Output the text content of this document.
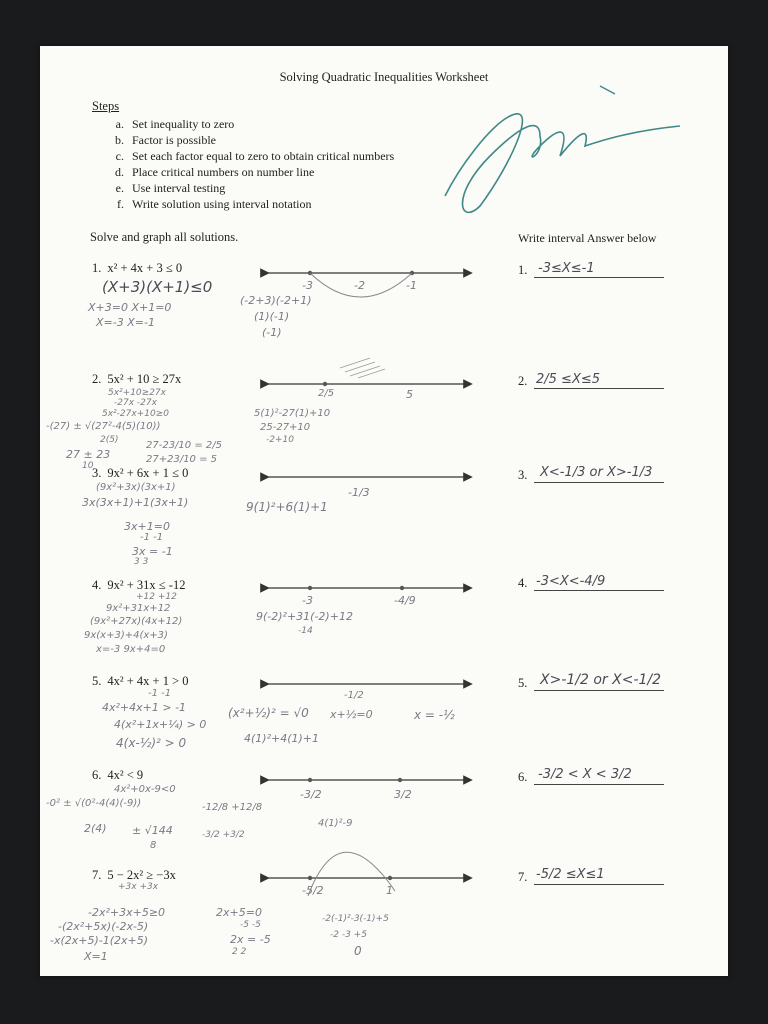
Solving Quadratic Inequalities Worksheet
Steps
a. Set inequality to zero
b. Factor is possible
c. Set each factor equal to zero to obtain critical numbers
d. Place critical numbers on number line
e. Use interval testing
f. Write solution using interval notation
Solve and graph all solutions.	Write interval Answer below
1. x² + 4x + 3 ≤ 0
(X+3)(X+1)≤0
X+3=0 X+1=0
X=-3 X=-1
(-2+3)(-2+1)
(1)(-1)
(-1)
-3	-2	-1
1. -3≤X≤-1
2. 5x² + 10 ≥ 27x
5x²+10≥27x
-27x -27x
5x²-27x+10≥0
-(27) ± √(27²-4(5)(10))
2(5)
27 ± 23
10
27-23/10 = 2/5
27+23/10 = 5
5(1)²-27(1)+10
25-27+10
-2+10
2/5	5
2. 2/5 ≤X≤5
3. 9x² + 6x + 1 ≤ 0
(9x²+3x)(3x+1)
3x(3x+1)+1(3x+1)
3x+1=0
-1 -1
3x = -1
3 3
9(1)²+6(1)+1
-1/3
3. X<-1/3 or X>-1/3
4. 9x² + 31x ≤ -12
+12 +12
9x²+31x+12
(9x²+27x)(4x+12)
9x(x+3)+4(x+3)
x=-3 9x+4=0
9(-2)²+31(-2)+12
-14
-3	-4/9
4. -3<X<-4/9
5. 4x² + 4x + 1 > 0
-1 -1
4x²+4x+1 > -1
4(x²+1x+¼) > 0
4(x-½)² > 0
(x²+½)² = √0
4(1)²+4(1)+1
x+½=0	x = -½
-1/2
5. X>-1/2 or X<-1/2
6. 4x² < 9
4x²+0x-9<0
-0² ± √(0²-4(4)(-9))
2(4) ± √144
8
-12/8 +12/8
-3/2 +3/2
4(1)²-9
-3/2	3/2
6. -3/2 < X < 3/2
7. 5 − 2x² ≥ −3x
+3x +3x
-2x²+3x+5≥0
-(2x²+5x)(-2x-5)
-x(2x+5)-1(2x+5)
X=1
2x+5=0
-5 -5
2x = -5
2 2
-2(-1)²-3(-1)+5
-2 -3 +5
0
-5/2	1
7. -5/2 ≤X≤1
